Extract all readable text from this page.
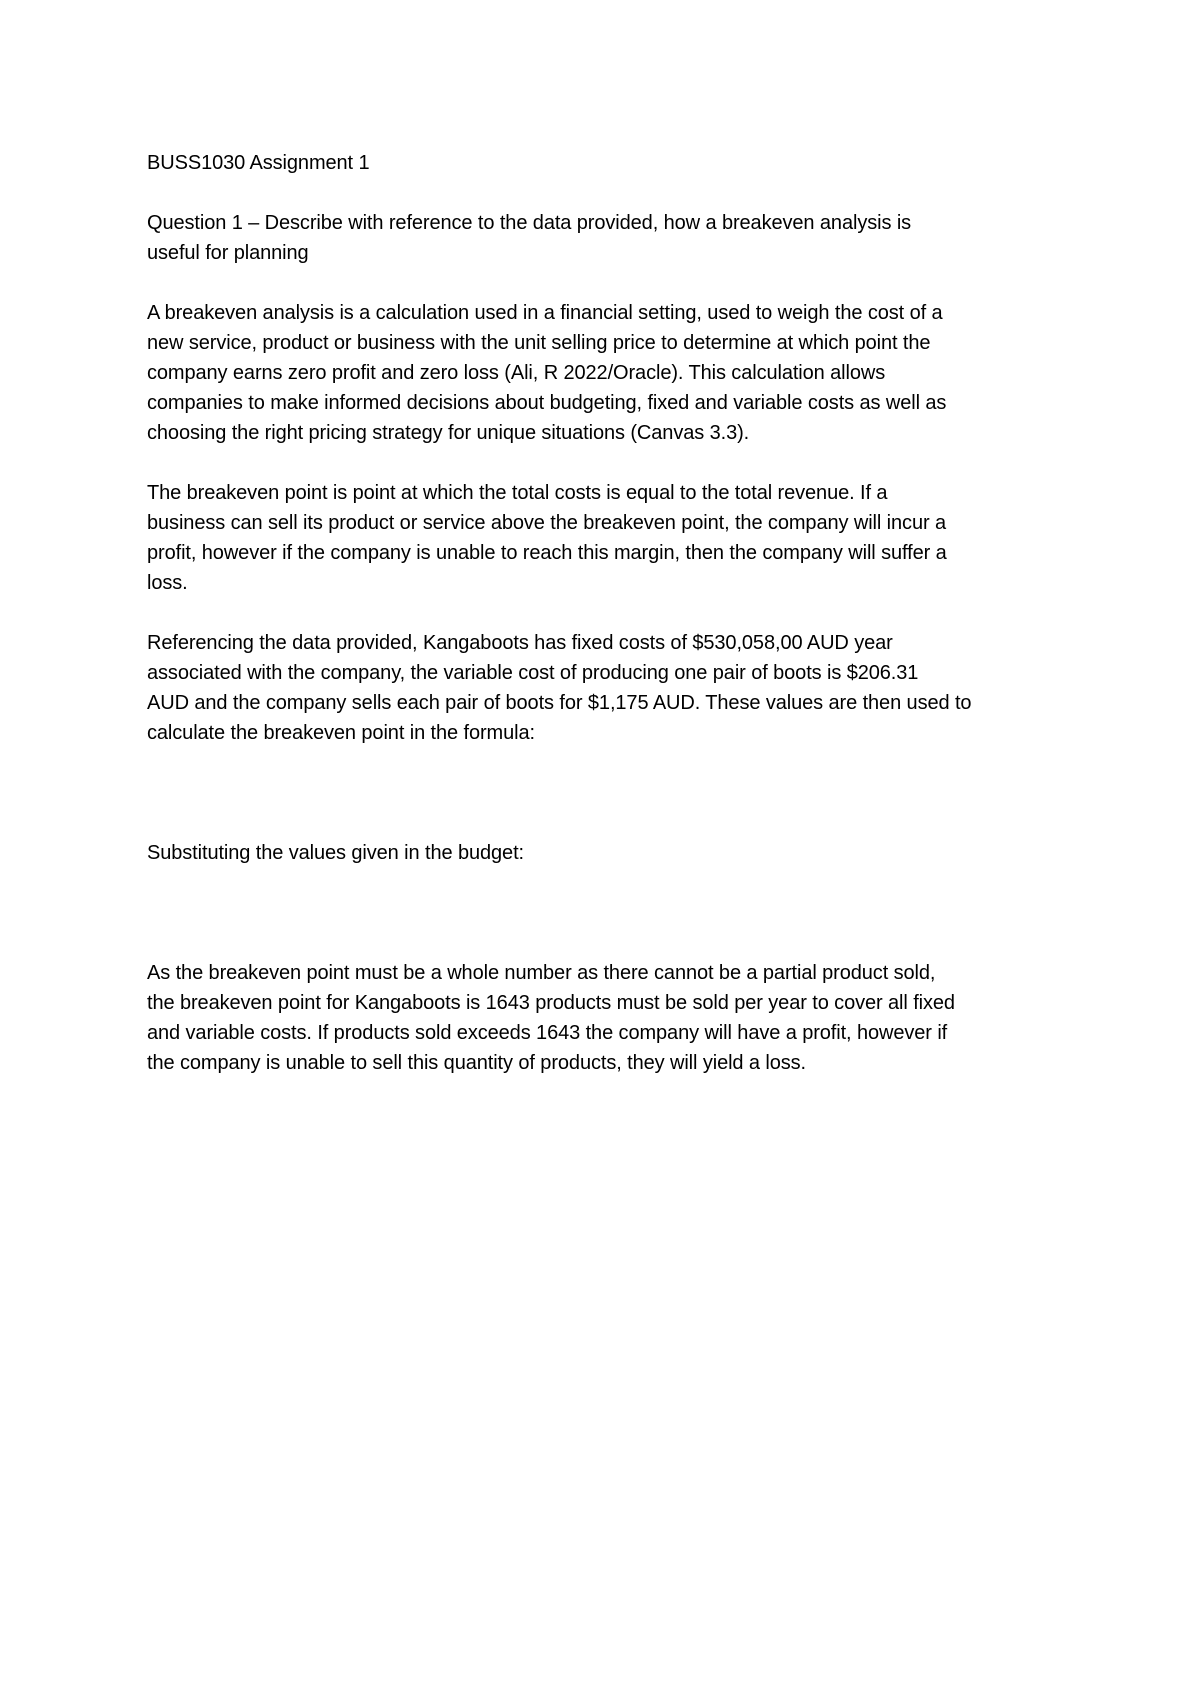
BUSS1030 Assignment 1

Question 1 – Describe with reference to the data provided, how a breakeven analysis is
useful for planning

A breakeven analysis is a calculation used in a financial setting, used to weigh the cost of a
new service, product or business with the unit selling price to determine at which point the
company earns zero profit and zero loss (Ali, R 2022/Oracle). This calculation allows
companies to make informed decisions about budgeting, fixed and variable costs as well as
choosing the right pricing strategy for unique situations (Canvas 3.3).

The breakeven point is point at which the total costs is equal to the total revenue. If a
business can sell its product or service above the breakeven point, the company will incur a
profit, however if the company is unable to reach this margin, then the company will suffer a
loss.

Referencing the data provided, Kangaboots has fixed costs of $530,058,00 AUD year
associated with the company, the variable cost of producing one pair of boots is $206.31
AUD and the company sells each pair of boots for $1,175 AUD. These values are then used to
calculate the breakeven point in the formula:

Substituting the values given in the budget:

As the breakeven point must be a whole number as there cannot be a partial product sold,
the breakeven point for Kangaboots is 1643 products must be sold per year to cover all fixed
and variable costs. If products sold exceeds 1643 the company will have a profit, however if
the company is unable to sell this quantity of products, they will yield a loss.
